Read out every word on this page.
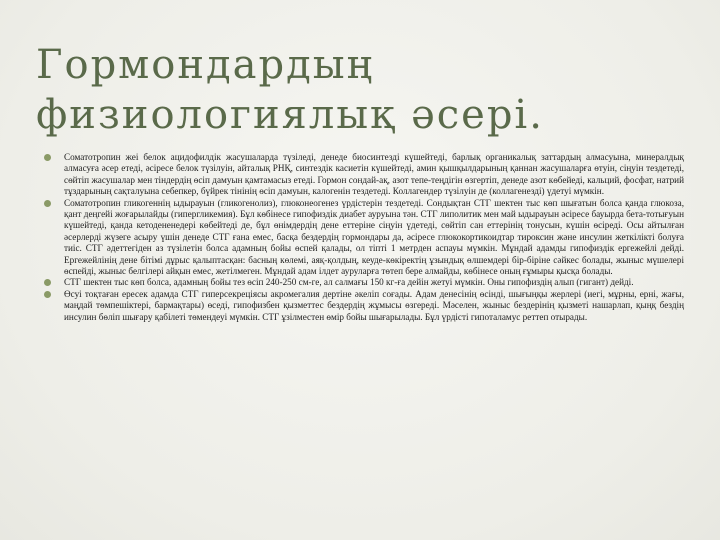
Гормондардың
физиологиялық әсері.
Соматотропин жеі белок ацидофилдік жасушаларда түзіледі, денеде биосинтезді күшейтеді, барлық органикалық заттардың алмасуына, минералдық алмасуға әсер етеді, әсіресе белок түзілуін, айталық РНҚ, синтездік касиетін күшейтеді, амин қышқылдарының қаннан жасушаларға өтуін, сіңуін тездетеді, сөйтіп жасушалар мен тіндердің өсіп дамуын қамтамасыз етеді. Гормон сондай-ақ, азот тепе-теңдігін өзгертіп, денеде азот көбейеді, кальций, фосфат, натрий тұздарының сақталуына себепкер, бүйрек тінінің өсіп дамуын, калогенін тездетеді. Коллагендер түзілуін де (коллагенезді) үдетуі мүмкін.
Соматотропин гликогеннің ыдырауын (гликогенолиз), глюконеогенез үрдістерін тездетеді. Сондықтан СТГ шектен тыс көп шығатын болса қанда глюкоза, қант деңгейі жоғарылайды (гипергликемия). Бұл көбінесе гипофиздік диабет ауруына тән. СТГ липолитик мен май ыдырауын әсіресе бауырда бета-тотығуын күшейтеді, қанда кетодененедері көбейтеді де, бұл өнімдердің дене еттеріне сіңуін үдетеді, сөйтіп сан еттерінің тонусын, күшін өсіреді. Осы айтылған әсерлерді жүзеге асыру үшін денеде СТГ ғана емес, басқа бездердің гормондары да, әсіресе глюкокортикоидтар тироксин және инсулин жеткілікті болуға тиіс. СТГ әдеттегіден аз түзілетін болса адамның бойы өспей қалады, ол тіпті 1 метрден аспауы мүмкін. Мұндай адамды гипофиздік ергежейлі дейді. Ергежейлінің дене бітімі дұрыс қалыптасқан: басның көлемі, аяқ-қолдың, кеуде-көкіректің ұзындық өлшемдері бір-біріне сәйкес болады, жыныс мүшелері өспейді, жыныс белгілері айқын емес, жетілмеген. Мұндай адам ілдет ауруларға төтеп бере алмайды, көбінесе оның ғұмыры қысқа болады.
СТГ шектен тыс көп болса, адамның бойы тез өсіп 240-250 см-ге, ал салмағы 150 кг-ға дейін жетуі мүмкін. Оны гипофиздің алып (гигант) дейді.
Өсуі тоқтаған ересек адамда СТГ гиперсекреціясы акромегалия дертіне әкеліп соғады. Адам денесінің өсінді, шығыңқы жерлері (иегі, мұрны, ерні, жағы, маңдай төмпешіктері, бармақтары) өседі, гипофизбен қызметтес бездердің жұмысы өзгереді. Мәселен, жыныс бездерінің қызметі нашарлап, қыңқ бездің инсулин бөліп шығару қабілеті төмендеуі мүмкін. СТГ ұзілместен өмір бойы шығарылады. Бұл үрдісті гипоталамус реттеп отырады.
